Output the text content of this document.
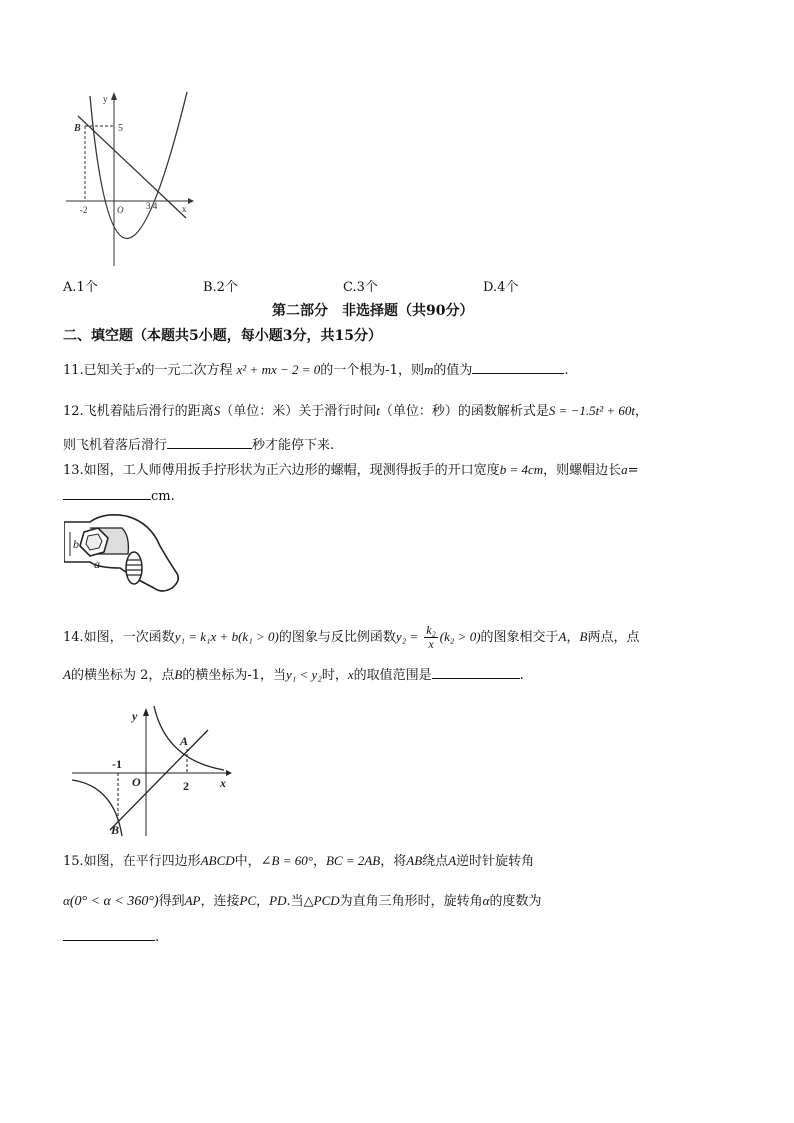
B	5
y
x
-2	O	3.4
A.1个	B.2个	C.3个	D.4个
第二部分　非选择题（共90分）
二、填空题（本题共5小题，每小题3分，共15分）
11.已知关于x的一元二次方程 x² + mx − 2 = 0的一个根为-1，则m的值为	.
12.飞机着陆后滑行的距离S（单位：米）关于滑行时间t（单位：秒）的函数解析式是S = −1.5t² + 60t，
则飞机着落后滑行	秒才能停下来.
13.如图，工人师傅用扳手拧形状为正六边形的螺帽，现测得扳手的开口宽度b = 4cm，则螺帽边长a=
cm.
b
a
14.如图，一次函数y₁ = k₁x + b(k₁ > 0)的图象与反比例函数$y_2 = \frac{\text{k₂}}{x} (k_2 > 0)$的图象相交于A，B两点，点
A的横坐标为 2，点B的横坐标为-1，当y₁ < y₂时，x的取值范围是	.
y
x
A
B
O
-1
2
15.如图，在平行四边形ABCD中，∠B = 60°，BC = 2AB，将AB绕点A逆时针旋转角
α(0° < α < 360°)得到AP，连接PC，PD.当△PCD为直角三角形时，旋转角α的度数为
.
